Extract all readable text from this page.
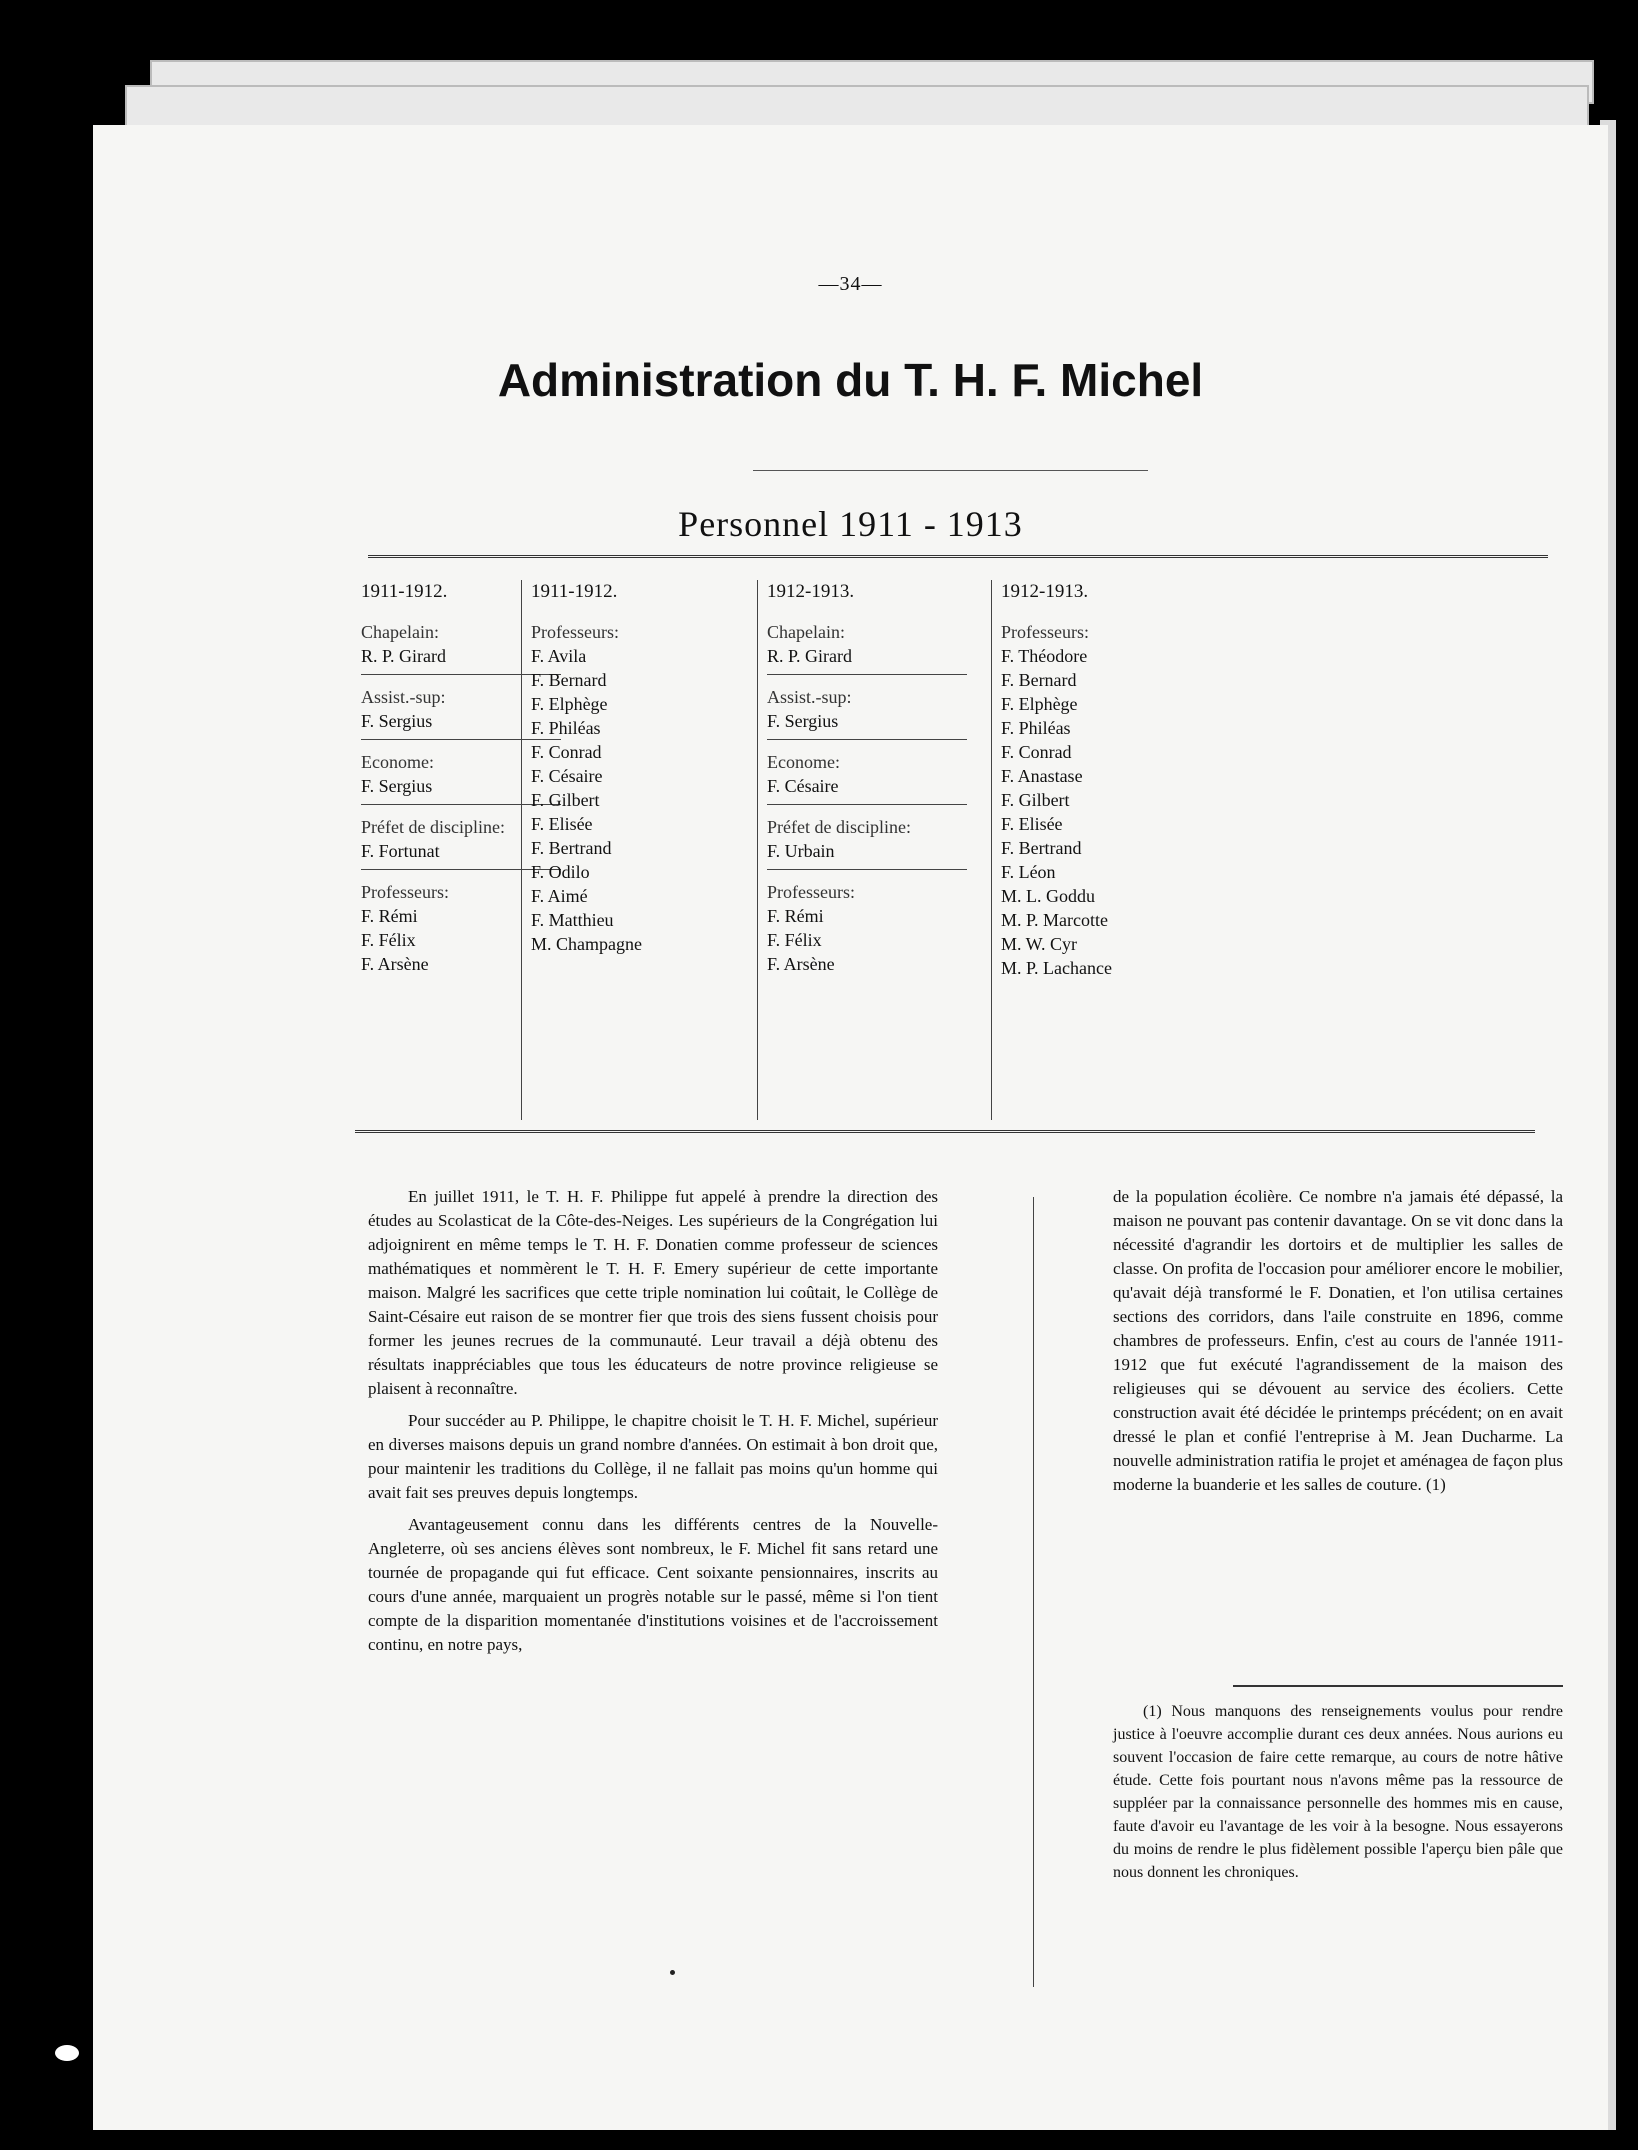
—34—
Administration du T. H. F. Michel
Personnel 1911 - 1913
1911-1912.
Chapelain:
R. P. Girard
Assist.-sup:
F. Sergius
Econome:
F. Sergius
Préfet de discipline:
F. Fortunat
Professeurs:
F. Rémi
F. Félix
F. Arsène
1911-1912.
Professeurs:
F. Avila
F. Bernard
F. Elphège
F. Philéas
F. Conrad
F. Césaire
F. Gilbert
F. Elisée
F. Bertrand
F. Odilo
F. Aimé
F. Matthieu
M. Champagne
1912-1913.
Chapelain:
R. P. Girard
Assist.-sup:
F. Sergius
Econome:
F. Césaire
Préfet de discipline:
F. Urbain
Professeurs:
F. Rémi
F. Félix
F. Arsène
1912-1913.
Professeurs:
F. Théodore
F. Bernard
F. Elphège
F. Philéas
F. Conrad
F. Anastase
F. Gilbert
F. Elisée
F. Bertrand
F. Léon
M. L. Goddu
M. P. Marcotte
M. W. Cyr
M. P. Lachance

En juillet 1911, le T. H. F. Philippe fut appelé à prendre la direction des études au Scolasticat de la Côte-des-Neiges. Les supérieurs de la Congrégation lui adjoignirent en même temps le T. H. F. Donatien comme professeur de sciences mathématiques et nommèrent le T. H. F. Emery supérieur de cette importante maison. Malgré les sacrifices que cette triple nomination lui coûtait, le Collège de Saint-Césaire eut raison de se montrer fier que trois des siens fussent choisis pour former les jeunes recrues de la communauté. Leur travail a déjà obtenu des résultats inappréciables que tous les éducateurs de notre province religieuse se plaisent à reconnaître.

Pour succéder au P. Philippe, le chapitre choisit le T. H. F. Michel, supérieur en diverses maisons depuis un grand nombre d'années. On estimait à bon droit que, pour maintenir les traditions du Collège, il ne fallait pas moins qu'un homme qui avait fait ses preuves depuis longtemps.

Avantageusement connu dans les différents centres de la Nouvelle-Angleterre, où ses anciens élèves sont nombreux, le F. Michel fit sans retard une tournée de propagande qui fut efficace. Cent soixante pensionnaires, inscrits au cours d'une année, marquaient un progrès notable sur le passé, même si l'on tient compte de la disparition momentanée d'institutions voisines et de l'accroissement continu, en notre pays,

de la population écolière. Ce nombre n'a jamais été dépassé, la maison ne pouvant pas contenir davantage. On se vit donc dans la nécessité d'agrandir les dortoirs et de multiplier les salles de classe. On profita de l'occasion pour améliorer encore le mobilier, qu'avait déjà transformé le F. Donatien, et l'on utilisa certaines sections des corridors, dans l'aile construite en 1896, comme chambres de professeurs. Enfin, c'est au cours de l'année 1911-1912 que fut exécuté l'agrandissement de la maison des religieuses qui se dévouent au service des écoliers. Cette construction avait été décidée le printemps précédent; on en avait dressé le plan et confié l'entreprise à M. Jean Ducharme. La nouvelle administration ratifia le projet et aménagea de façon plus moderne la buanderie et les salles de couture. (1)

(1) Nous manquons des renseignements voulus pour rendre justice à l'oeuvre accomplie durant ces deux années. Nous aurions eu souvent l'occasion de faire cette remarque, au cours de notre hâtive étude. Cette fois pourtant nous n'avons même pas la ressource de suppléer par la connaissance personnelle des hommes mis en cause, faute d'avoir eu l'avantage de les voir à la besogne. Nous essayerons du moins de rendre le plus fidèlement possible l'aperçu bien pâle que nous donnent les chroniques.
